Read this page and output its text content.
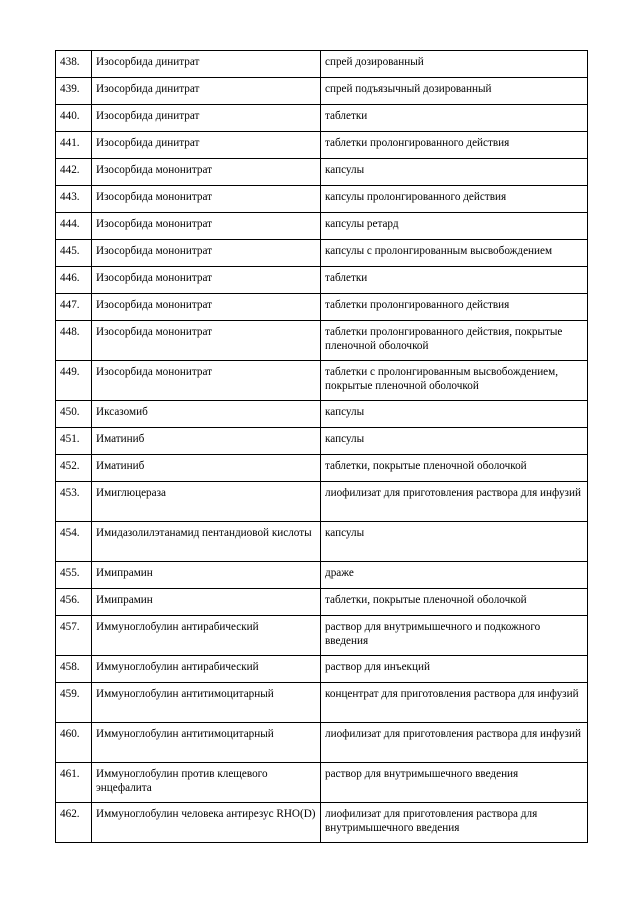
438.	Изосорбида динитрат	спрей дозированный
439.	Изосорбида динитрат	спрей подъязычный дозированный
440.	Изосорбида динитрат	таблетки
441.	Изосорбида динитрат	таблетки пролонгированного действия
442.	Изосорбида мононитрат	капсулы
443.	Изосорбида мононитрат	капсулы пролонгированного действия
444.	Изосорбида мононитрат	капсулы ретард
445.	Изосорбида мононитрат	капсулы с пролонгированным высвобождением
446.	Изосорбида мононитрат	таблетки
447.	Изосорбида мононитрат	таблетки пролонгированного действия
448.	Изосорбида мононитрат	таблетки пролонгированного действия, покрытые пленочной оболочкой
449.	Изосорбида мононитрат	таблетки с пролонгированным высвобождением, покрытые пленочной оболочкой
450.	Иксазомиб	капсулы
451.	Иматиниб	капсулы
452.	Иматиниб	таблетки, покрытые пленочной оболочкой
453.	Имиглюцераза	лиофилизат для приготовления раствора для инфузий
454.	Имидазолилэтанамид пентандиовой кислоты	капсулы
455.	Имипрамин	драже
456.	Имипрамин	таблетки, покрытые пленочной оболочкой
457.	Иммуноглобулин антирабический	раствор для внутримышечного и подкожного введения
458.	Иммуноглобулин антирабический	раствор для инъекций
459.	Иммуноглобулин антитимоцитарный	концентрат для приготовления раствора для инфузий
460.	Иммуноглобулин антитимоцитарный	лиофилизат для приготовления раствора для инфузий
461.	Иммуноглобулин против клещевого энцефалита	раствор для внутримышечного введения
462.	Иммуноглобулин человека антирезус RHO(D)	лиофилизат для приготовления раствора для внутримышечного введения
